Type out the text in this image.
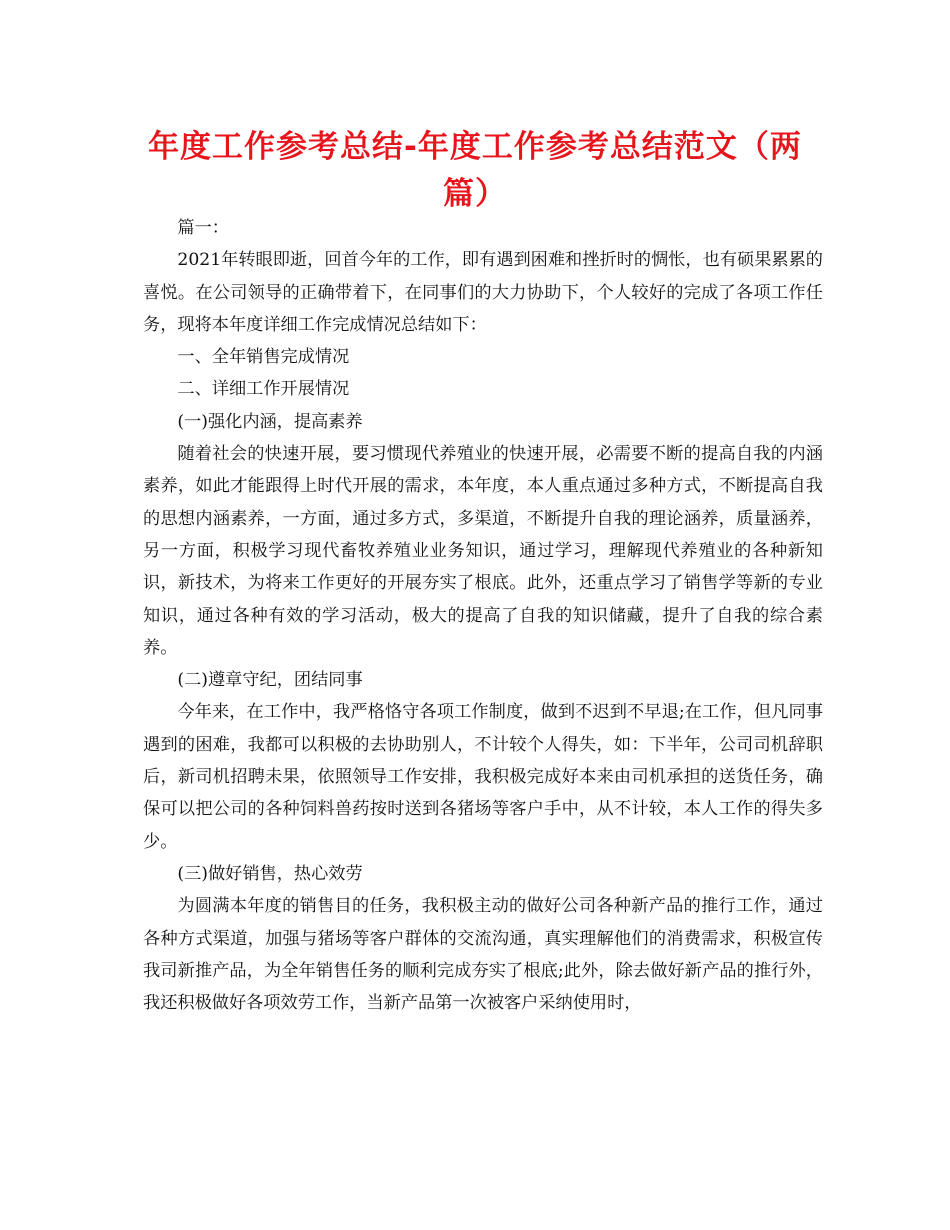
年度工作参考总结-年度工作参考总结范文（两篇）

篇一：

2021年转眼即逝，回首今年的工作，即有遇到困难和挫折时的惆怅，也有硕果累累的喜悦。在公司领导的正确带着下，在同事们的大力协助下，个人较好的完成了各项工作任务，现将本年度详细工作完成情况总结如下：

一、全年销售完成情况

二、详细工作开展情况

(一)强化内涵，提高素养

随着社会的快速开展，要习惯现代养殖业的快速开展，必需要不断的提高自我的内涵素养，如此才能跟得上时代开展的需求，本年度，本人重点通过多种方式，不断提高自我的思想内涵素养，一方面，通过多方式，多渠道，不断提升自我的理论涵养，质量涵养，另一方面，积极学习现代畜牧养殖业业务知识，通过学习，理解现代养殖业的各种新知识，新技术，为将来工作更好的开展夯实了根底。此外，还重点学习了销售学等新的专业知识，通过各种有效的学习活动，极大的提高了自我的知识储藏，提升了自我的综合素养。

(二)遵章守纪，团结同事

今年来，在工作中，我严格恪守各项工作制度，做到不迟到不早退;在工作，但凡同事遇到的困难，我都可以积极的去协助别人，不计较个人得失，如：下半年，公司司机辞职后，新司机招聘未果，依照领导工作安排，我积极完成好本来由司机承担的送货任务，确保可以把公司的各种饲料兽药按时送到各猪场等客户手中，从不计较，本人工作的得失多少。

(三)做好销售，热心效劳

为圆满本年度的销售目的任务，我积极主动的做好公司各种新产品的推行工作，通过各种方式渠道，加强与猪场等客户群体的交流沟通，真实理解他们的消费需求，积极宣传我司新推产品，为全年销售任务的顺利完成夯实了根底;此外，除去做好新产品的推行外，我还积极做好各项效劳工作，当新产品第一次被客户采纳使用时，
